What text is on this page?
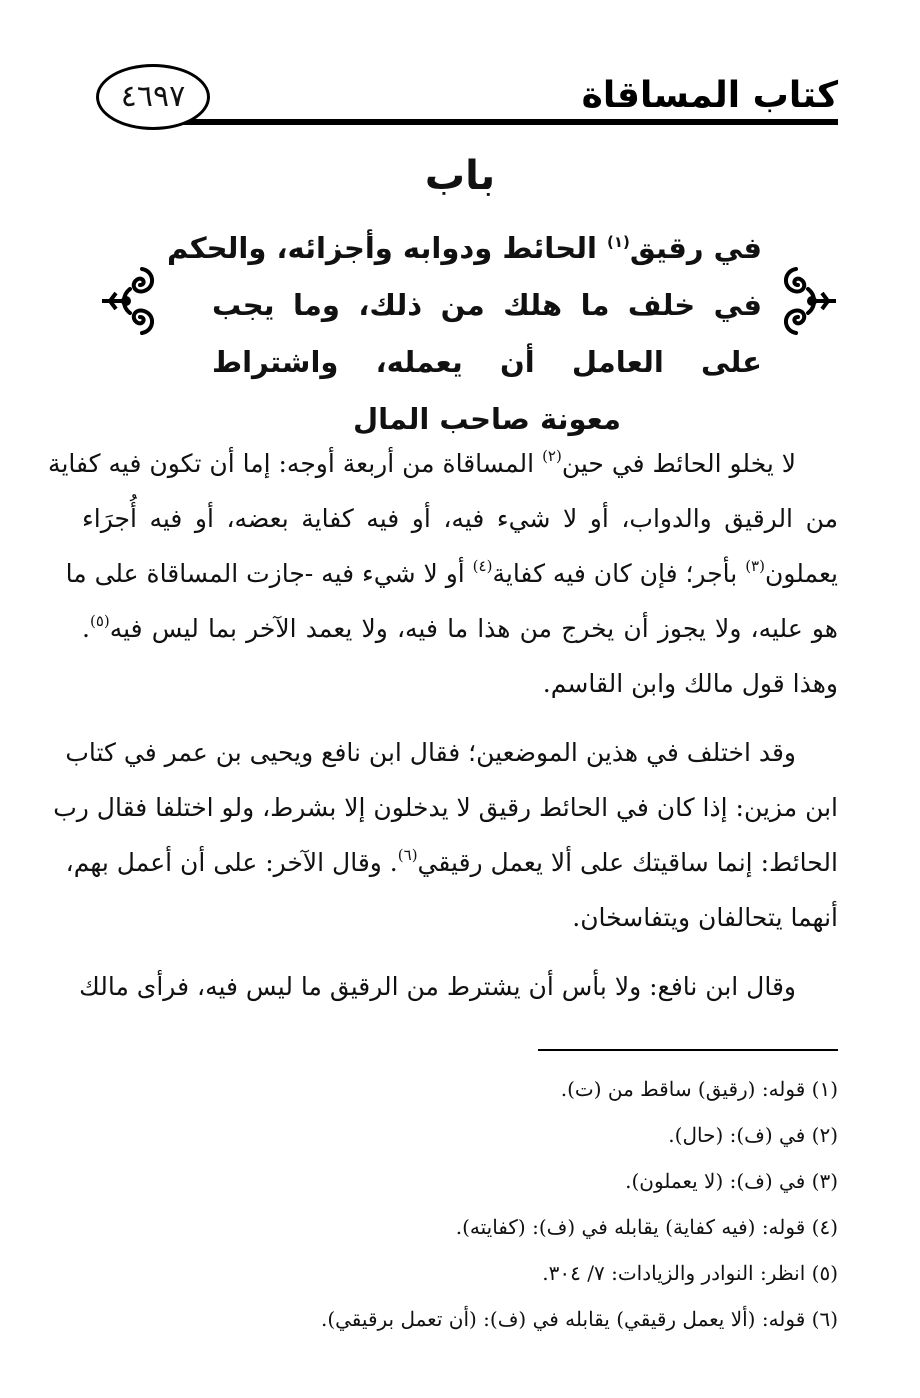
كتاب المساقاة
٤٦٩٧
باب
في رقيق$^{(١)}$ الحائط ودوابه وأجزائه، والحكم
في خلف ما هلك من ذلك، وما يجب
على العامل أن يعمله، واشتراط
معونة صاحب المال
لا يخلو الحائط في حين$^{(٢)}$ المساقاة من أربعة أوجه: إما أن تكون فيه كفاية
من الرقيق والدواب، أو لا شيء فيه، أو فيه كفاية بعضه، أو فيه أُجرَاء
يعملون$^{(٣)}$ بأجر؛ فإن كان فيه كفاية$^{(٤)}$ أو لا شيء فيه -جازت المساقاة على ما
هو عليه، ولا يجوز أن يخرج من هذا ما فيه، ولا يعمد الآخر بما ليس فيه$^{(٥)}$.
وهذا قول مالك وابن القاسم.
وقد اختلف في هذين الموضعين؛ فقال ابن نافع ويحيى بن عمر في كتاب
ابن مزين: إذا كان في الحائط رقيق لا يدخلون إلا بشرط، ولو اختلفا فقال رب
الحائط: إنما ساقيتك على ألا يعمل رقيقي$^{(٦)}$. وقال الآخر: على أن أعمل بهم،
أنهما يتحالفان ويتفاسخان.
وقال ابن نافع: ولا بأس أن يشترط من الرقيق ما ليس فيه، فرأى مالك
(١) قوله: (رقيق) ساقط من (ت).
(٢) في (ف): (حال).
(٣) في (ف): (لا يعملون).
(٤) قوله: (فيه كفاية) يقابله في (ف): (كفايته).
(٥) انظر: النوادر والزيادات: ٧/ ٣٠٤.
(٦) قوله: (ألا يعمل رقيقي) يقابله في (ف): (أن تعمل برقيقي).
